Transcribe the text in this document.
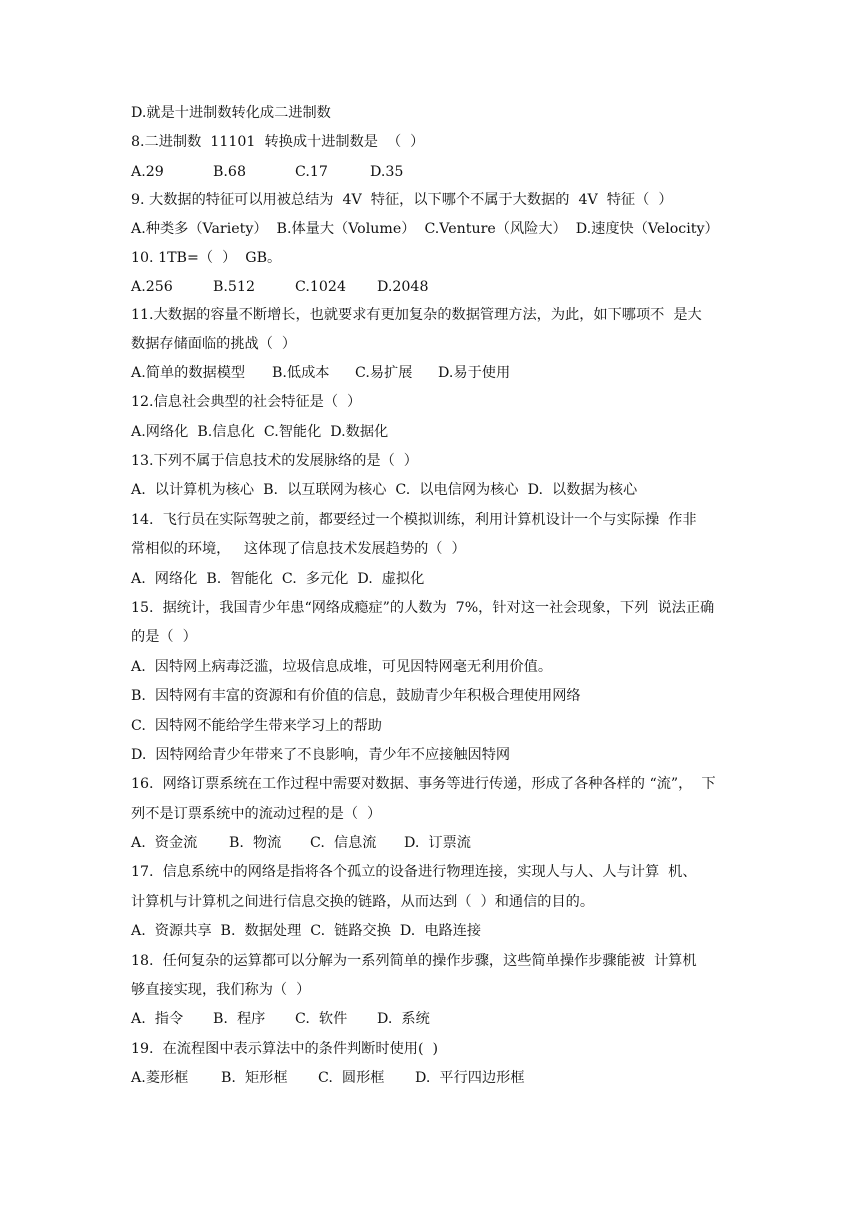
D.就是十进制数转化成二进制数
8.二进制数  11101  转换成十进制数是  （  ）

A.29

	B.68

	C.17

	D.35

9. 大数据的特征可以用被总结为  4V  特征，以下哪个不属于大数据的  4V  特征（  ）
A.种类多（Variety）  B.体量大（Volume）  C.Venture（风险大）  D.速度快（Velocity）
10. 1TB=（  ）  GB。

A.256

	B.512

	C.1024

D.2048

11.大数据的容量不断增长，也就要求有更加复杂的数据管理方法，为此，如下哪项不  是大
数据存储面临的挑战（  ）

A.简单的数据模型

B.低成本

C.易扩展

D.易于使用

12.信息社会典型的社会特征是（  ）
A.网络化  B.信息化  C.智能化  D.数据化
13.下列不属于信息技术的发展脉络的是（  ）
A.  以计算机为核心  B.  以互联网为核心  C.  以电信网为核心  D.  以数据为核心
14.  飞行员在实际驾驶之前，都要经过一个模拟训练，利用计算机设计一个与实际操  作非
常相似的环境，   这体现了信息技术发展趋势的（  ）
A.  网络化  B.  智能化  C.  多元化  D.  虚拟化
15.  据统计，我国青少年患“网络成瘾症”的人数为  7%，针对这一社会现象，下列  说法正确
的是（  ）
A.  因特网上病毒泛滥，垃圾信息成堆，可见因特网毫无利用价值。
B.  因特网有丰富的资源和有价值的信息，鼓励青少年积极合理使用网络
C.  因特网不能给学生带来学习上的帮助
D.  因特网给青少年带来了不良影响，青少年不应接触因特网
16.  网络订票系统在工作过程中需要对数据、事务等进行传递，形成了各种各样的 “流”，  下
列不是订票系统中的流动过程的是（  ）

A.  资金流

B.  物流

C.  信息流

D.  订票流

17.  信息系统中的网络是指将各个孤立的设备进行物理连接，实现人与人、人与计算  机、
计算机与计算机之间进行信息交换的链路，从而达到（  ）和通信的目的。
A.  资源共享  B.  数据处理  C.  链路交换  D.  电路连接
18.  任何复杂的运算都可以分解为一系列简单的操作步骤，这些简单操作步骤能被  计算机
够直接实现，我们称为（  ）

A.  指令

B.  程序

C.  软件

D.  系统

19.  在流程图中表示算法中的条件判断时使用(  )

A.菱形框

B.  矩形框

C.  圆形框

D.  平行四边形框
